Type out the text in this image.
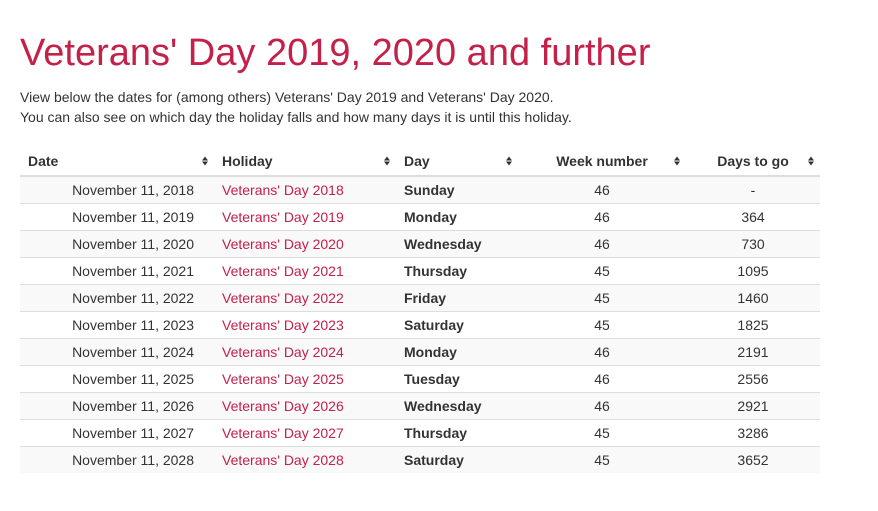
Veterans' Day 2019, 2020 and further

View below the dates for (among others) Veterans' Day 2019 and Veterans' Day 2020.

You can also see on which day the holiday falls and how many days it is until this holiday.

Date	Holiday	Day	Week number	Days to go

November 11, 2018	Veterans' Day 2018	Sunday	46	-
November 11, 2019	Veterans' Day 2019	Monday	46	364
November 11, 2020	Veterans' Day 2020	Wednesday	46	730
November 11, 2021	Veterans' Day 2021	Thursday	45	1095
November 11, 2022	Veterans' Day 2022	Friday	45	1460
November 11, 2023	Veterans' Day 2023	Saturday	45	1825
November 11, 2024	Veterans' Day 2024	Monday	46	2191
November 11, 2025	Veterans' Day 2025	Tuesday	46	2556
November 11, 2026	Veterans' Day 2026	Wednesday	46	2921
November 11, 2027	Veterans' Day 2027	Thursday	45	3286
November 11, 2028	Veterans' Day 2028	Saturday	45	3652
